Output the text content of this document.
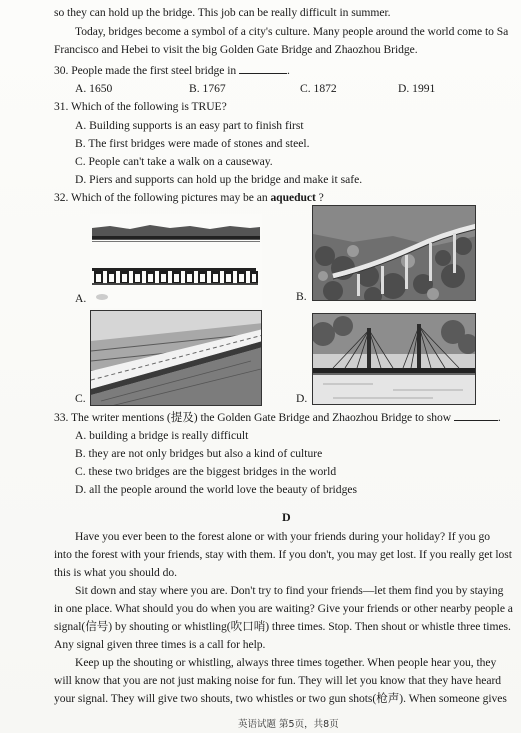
so they can hold up the bridge. This job can be really difficult in summer.
Today, bridges become a symbol of a city's culture. Many people around the world come to Sa
Francisco and Hebei to visit the big Golden Gate Bridge and Zhaozhou Bridge.
30. People made the first steel bridge in	.
A. 1650	B. 1767	C. 1872	D. 1991
31. Which of the following is TRUE?
A. Building supports is an easy part to finish first
B. The first bridges were made of stones and steel.
C. People can't take a walk on a causeway.
D. Piers and supports can hold up the bridge and make it safe.
32. Which of the following pictures may be an aqueduct ?
A.	B.
C.	D.
33. The writer mentions (提及) the Golden Gate Bridge and Zhaozhou Bridge to show	.
A. building a bridge is really difficult
B. they are not only bridges but also a kind of culture
C. these two bridges are the biggest bridges in the world
D. all the people around the world love the beauty of bridges
D
Have you ever been to the forest alone or with your friends during your holiday? If you go
into the forest with your friends, stay with them. If you don't, you may get lost. If you really get lost
this is what you should do.
Sit down and stay where you are. Don't try to find your friends—let them find you by staying
in one place. What should you do when you are waiting? Give your friends or other nearby people a
signal(信号) by shouting or whistling(吹口哨) three times. Stop. Then shout or whistle three times.
Any signal given three times is a call for help.
Keep up the shouting or whistling, always three times together. When people hear you, they
will know that you are not just making noise for fun. They will let you know that they have heard
your signal. They will give two shouts, two whistles or two gun shots(枪声). When someone gives
英语试题 第5页，共8页
